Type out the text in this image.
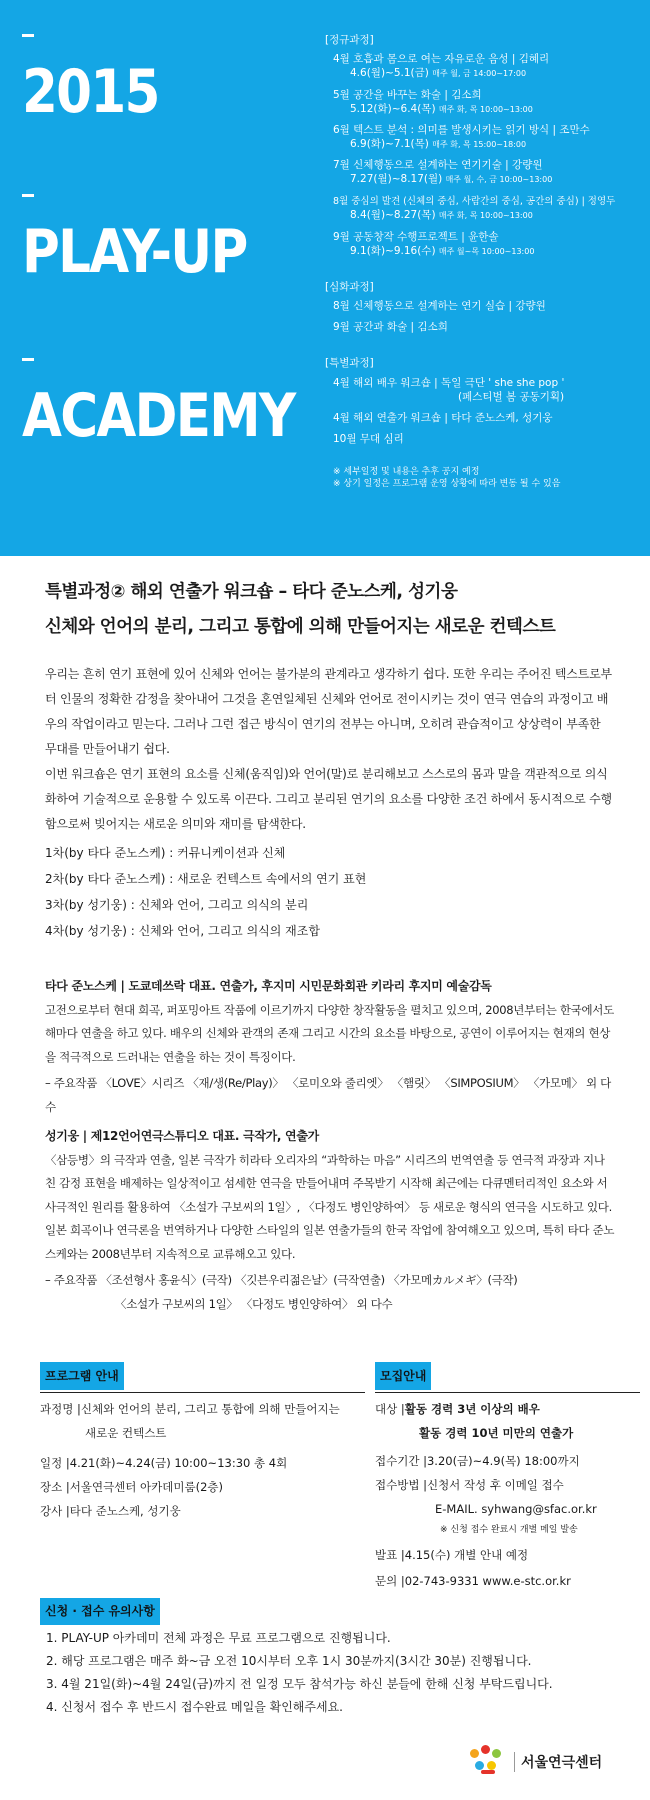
2015
PLAY-UP
ACADEMY
[정규과정]
4월 호흡과 몸으로 여는 자유로운 음성 | 김혜리
4.6(월)~5.1(금) 매주 월, 금 14:00~17:00
5월 공간을 바꾸는 화술 | 김소희
5.12(화)~6.4(목) 매주 화, 목 10:00~13:00
6월 텍스트 분석 : 의미를 발생시키는 읽기 방식 | 조만수
6.9(화)~7.1(목) 매주 화, 목 15:00~18:00
7월 신체행동으로 설계하는 연기기술 | 강량원
7.27(월)~8.17(월) 매주 월, 수, 금 10:00~13:00
8월 중심의 발견 (신체의 중심, 사람간의 중심, 공간의 중심) | 정영두
8.4(월)~8.27(목) 매주 화, 목 10:00~13:00
9월 공동창작 수행프로젝트 | 윤한솔
9.1(화)~9.16(수) 매주 월~목 10:00~13:00
[심화과정]
8월 신체행동으로 설계하는 연기 실습 | 강량원
9월 공간과 화술 | 김소희
[특별과정]
4월 해외 배우 워크숍 | 독일 극단 ' she she pop '
(페스티벌 봄 공동기획)
4월 해외 연출가 워크숍 | 타다 준노스케, 성기웅
10월 무대 심리
※ 세부일정 및 내용은 추후 공지 예정
※ 상기 일정은 프로그램 운영 상황에 따라 변동 될 수 있음
특별과정② 해외 연출가 워크숍 – 타다 준노스케, 성기웅
신체와 언어의 분리, 그리고 통합에 의해 만들어지는 새로운 컨텍스트

우리는 흔히 연기 표현에 있어 신체와 언어는 불가분의 관계라고 생각하기 쉽다. 또한 우리는 주어진 텍스트로부터 인물의 정확한 감정을 찾아내어 그것을 혼연일체된 신체와 언어로 전이시키는 것이 연극 연습의 과정이고 배우의 작업이라고 믿는다. 그러나 그런 접근 방식이 연기의 전부는 아니며, 오히려 관습적이고 상상력이 부족한 무대를 만들어내기 쉽다.

이번 워크숍은 연기 표현의 요소를 신체(움직임)와 언어(말)로 분리해보고 스스로의 몸과 말을 객관적으로 의식화하여 기술적으로 운용할 수 있도록 이끈다. 그리고 분리된 연기의 요소를 다양한 조건 하에서 동시적으로 수행함으로써 빚어지는 새로운 의미와 재미를 탐색한다.

1차(by 타다 준노스케) : 커뮤니케이션과 신체
2차(by 타다 준노스케) : 새로운 컨텍스트 속에서의 연기 표현
3차(by 성기웅) : 신체와 언어, 그리고 의식의 분리
4차(by 성기웅) : 신체와 언어, 그리고 의식의 재조합

타다 준노스케 | 도쿄데쓰락 대표. 연출가, 후지미 시민문화회관 키라리 후지미 예술감독

고전으로부터 현대 희곡, 퍼포밍아트 작품에 이르기까지 다양한 창작활동을 펼치고 있으며, 2008년부터는 한국에서도 해마다 연출을 하고 있다. 배우의 신체와 관객의 존재 그리고 시간의 요소를 바탕으로, 공연이 이루어지는 현재의 현상을 적극적으로 드러내는 연출을 하는 것이 특징이다.

– 주요작품 〈LOVE〉시리즈 〈재/생(Re/Play)〉 〈로미오와 줄리엣〉 〈햄릿〉 〈SIMPOSIUM〉 〈가모메〉 외 다수

성기웅 | 제12언어연극스튜디오 대표. 극작가, 연출가

〈삼등병〉의 극작과 연출, 일본 극작가 히라타 오리자의 “과학하는 마음” 시리즈의 번역연출 등 연극적 과장과 지나친 감정 표현을 배제하는 일상적이고 섬세한 연극을 만들어내며 주목받기 시작해 최근에는 다큐멘터리적인 요소와 서사극적인 원리를 활용하여 〈소설가 구보씨의 1일〉, 〈다정도 병인양하여〉 등 새로운 형식의 연극을 시도하고 있다. 일본 희곡이나 연극론을 번역하거나 다양한 스타일의 일본 연출가들의 한국 작업에 참여해오고 있으며, 특히 타다 준노스케와는 2008년부터 지속적으로 교류해오고 있다.

– 주요작품 〈조선형사 홍윤식〉(극작) 〈깃븐우리젊은날〉(극작연출) 〈가모메カルメギ〉(극작)

〈소설가 구보씨의 1일〉 〈다정도 병인양하여〉 외 다수

프로그램 안내
과정명 | 신체와 언어의 분리, 그리고 통합에 의해 만들어지는
새로운 컨텍스트
일정 | 4.21(화)~4.24(금) 10:00~13:30 총 4회
장소 | 서울연극센터 아카데미룸(2층)
강사 | 타다 준노스케, 성기웅
모집안내
대상 | 활동 경력 3년 이상의 배우
활동 경력 10년 미만의 연출가
접수기간 | 3.20(금)~4.9(목) 18:00까지
접수방법 | 신청서 작성 후 이메일 접수
E-MAIL. syhwang@sfac.or.kr
※ 신청 접수 완료시 개별 메일 발송
발표 | 4.15(수) 개별 안내 예정
문의 | 02-743-9331 www.e-stc.or.kr
신청 · 접수 유의사항
1. PLAY-UP 아카데미 전체 과정은 무료 프로그램으로 진행됩니다.
2. 해당 프로그램은 매주 화~금 오전 10시부터 오후 1시 30분까지(3시간 30분) 진행됩니다.
3. 4월 21일(화)~4월 24일(금)까지 전 일정 모두 참석가능 하신 분들에 한해 신청 부탁드립니다.
4. 신청서 접수 후 반드시 접수완료 메일을 확인해주세요.
서울연극센터
